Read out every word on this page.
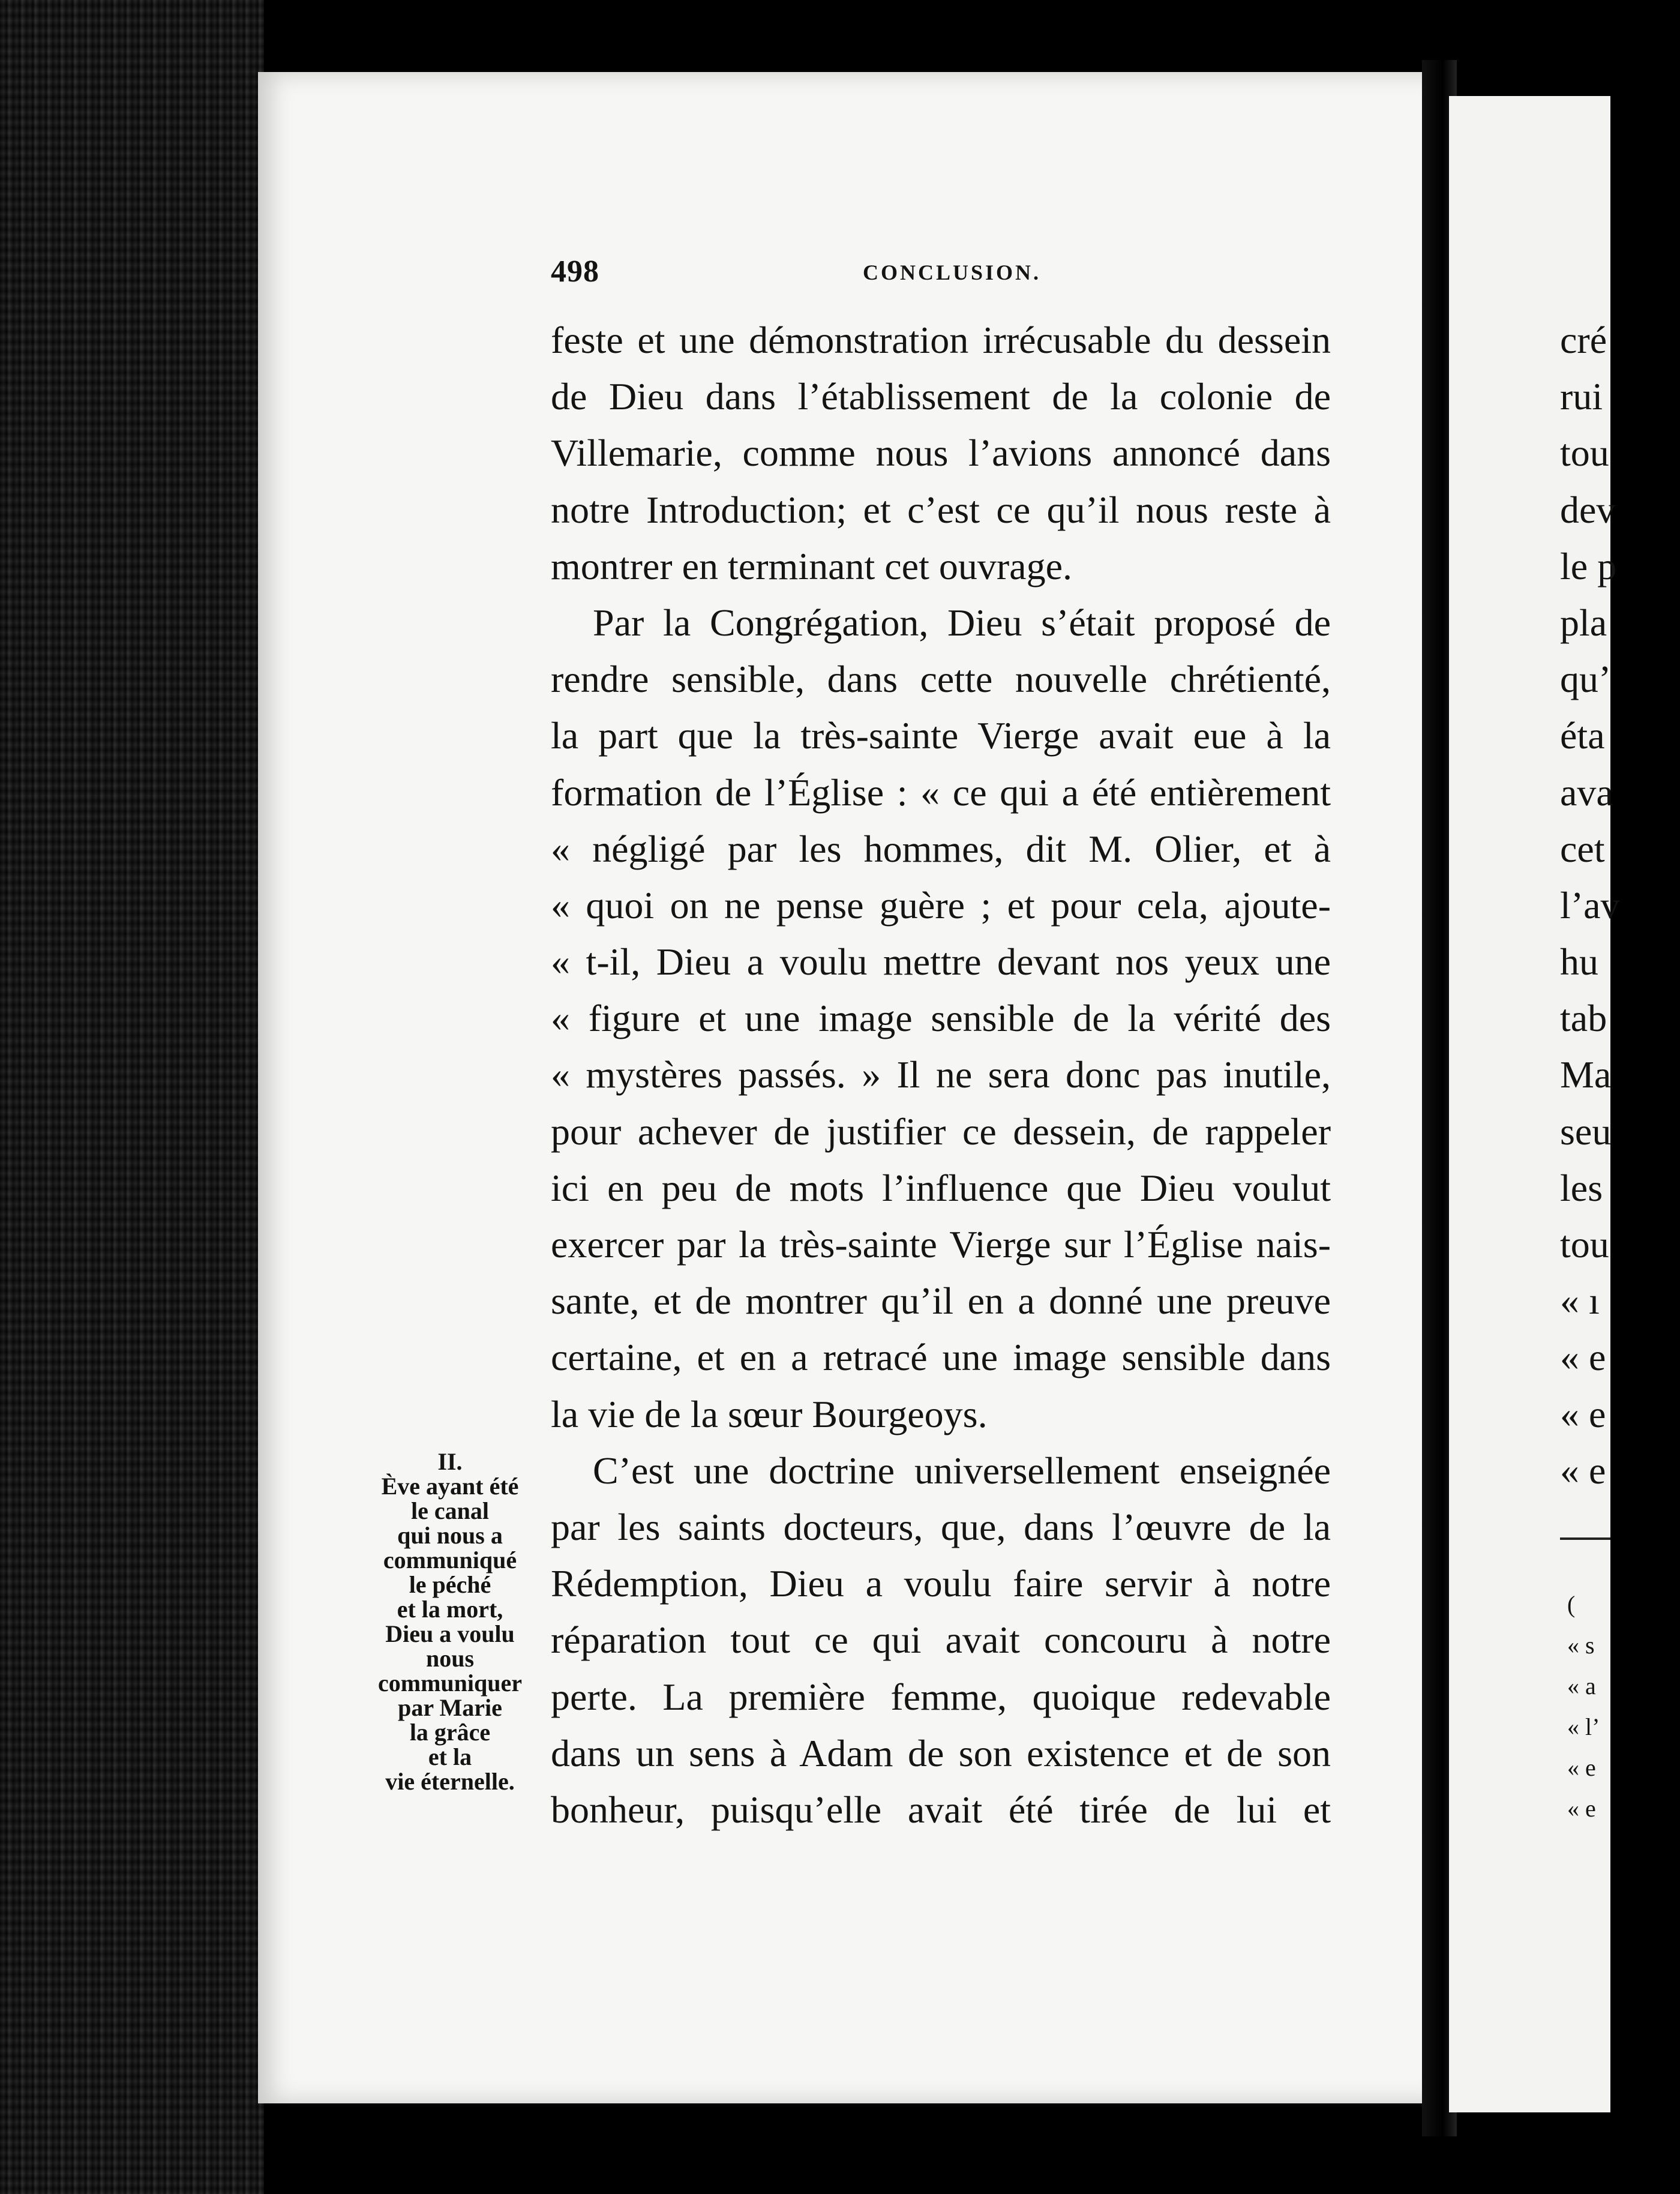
498	CONCLUSION.
feste et une démonstration irrécusable du dessein
de Dieu dans l’établissement de la colonie de
Villemarie, comme nous l’avions annoncé dans
notre Introduction; et c’est ce qu’il nous reste à
montrer en terminant cet ouvrage.
Par la Congrégation, Dieu s’était proposé de
rendre sensible, dans cette nouvelle chrétienté,
la part que la très-sainte Vierge avait eue à la
formation de l’Église : « ce qui a été entièrement
« négligé par les hommes, dit M. Olier, et à
« quoi on ne pense guère ; et pour cela, ajoute-
« t-il, Dieu a voulu mettre devant nos yeux une
« figure et une image sensible de la vérité des
« mystères passés. » Il ne sera donc pas inutile,
pour achever de justifier ce dessein, de rappeler
ici en peu de mots l’influence que Dieu voulut
exercer par la très-sainte Vierge sur l’Église nais-
sante, et de montrer qu’il en a donné une preuve
certaine, et en a retracé une image sensible dans
la vie de la sœur Bourgeoys.
C’est une doctrine universellement enseignée
par les saints docteurs, que, dans l’œuvre de la
Rédemption, Dieu a voulu faire servir à notre
réparation tout ce qui avait concouru à notre
perte. La première femme, quoique redevable
dans un sens à Adam de son existence et de son
bonheur, puisqu’elle avait été tirée de lui et
II.
Ève ayant été
le canal
qui nous a
communiqué
le péché
et la mort,
Dieu a voulu
nous
communiquer
par Marie
la grâce
et la
vie éternelle.
cré
rui
tou
dev
le p
pla
qu’
éta
ava
cet
l’av
hu
tab
Ma
seu
les
tou
« ı
« e
« e
« e
(
« s
« a
« l’
« e
« e
